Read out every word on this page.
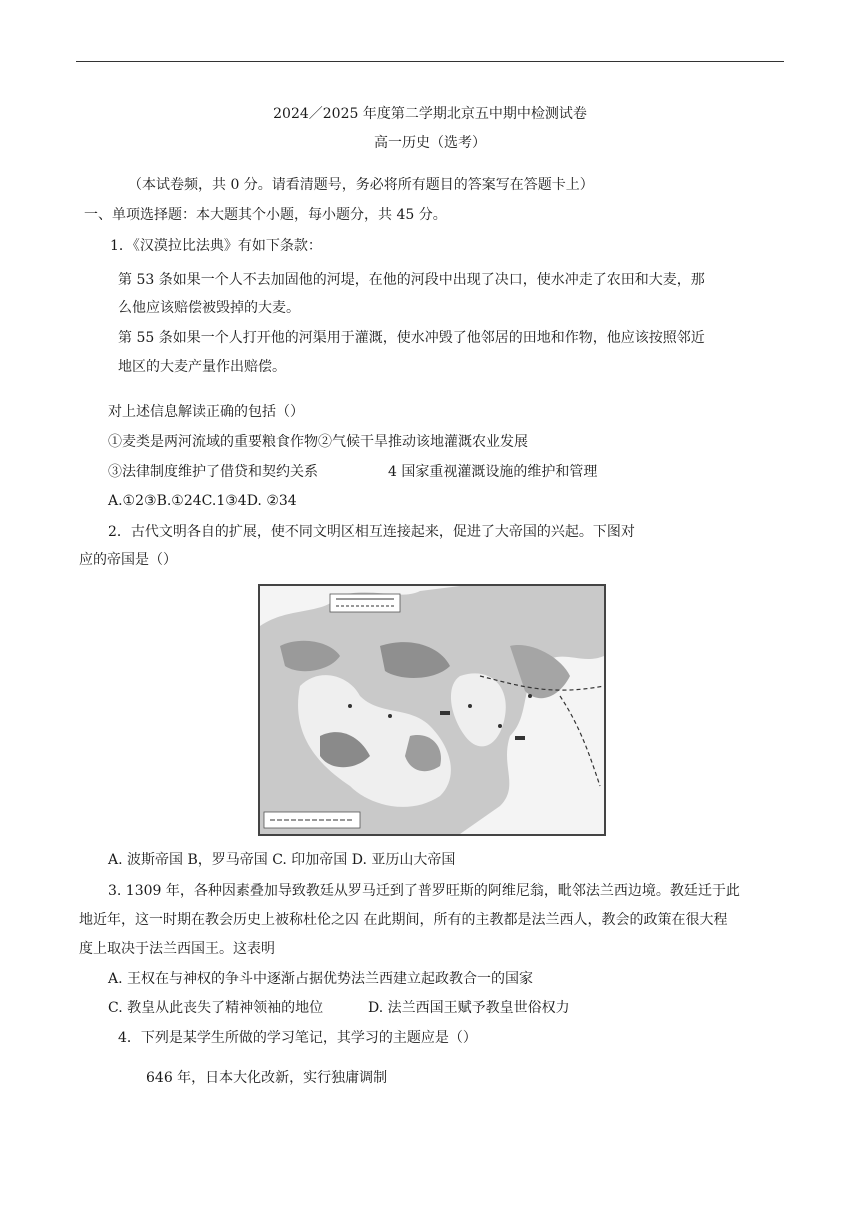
2024／2025 年度第二学期北京五中期中检测试卷
高一历史（选考）
（本试卷频，共 0 分。请看清题号，务必将所有题目的答案写在答题卡上）
一、单项选择题：本大题其个小题，每小题分，共 45 分。
1．《汉漠拉比法典》有如下条款：
第 53 条如果一个人不去加固他的河堤，在他的河段中出现了决口，使水冲走了农田和大麦，那
么他应该赔偿被毁掉的大麦。
第 55 条如果一个人打开他的河渠用于灌溉，使水冲毁了他邻居的田地和作物，他应该按照邻近
地区的大麦产量作出赔偿。
对上述信息解读正确的包括（）
①麦类是两河流域的重要粮食作物②气候干旱推动该地灌溉农业发展
③法律制度维护了借贷和契约关系	4 国家重视灌溉设施的维护和管理
A.①2③B.①24C.1③4D. ②34
2．古代文明各自的扩展，使不同文明区相互连接起来，促进了大帝国的兴起。下图对
应的帝国是（）
A. 波斯帝国 B，罗马帝国 C. 印加帝国 D. 亚历山大帝国
3. 1309 年，各种因素叠加导致教廷从罗马迁到了普罗旺斯的阿维尼翁，毗邻法兰西边境。教廷迁于此
地近年，这一时期在教会历史上被称杜伦之囚 在此期间，所有的主教都是法兰西人，教会的政策在很大程
度上取决于法兰西国王。这表明
A. 王权在与神权的争斗中逐渐占据优势法兰西建立起政教合一的国家
C. 教皇从此丧失了精神领袖的地位	D. 法兰西国王赋予教皇世俗权力
4．下列是某学生所做的学习笔记，其学习的主题应是（）
646 年，日本大化改新，实行独庸调制
